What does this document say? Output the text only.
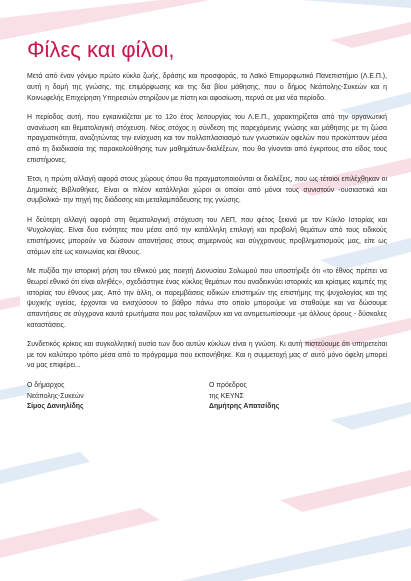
Φίλες και φίλοι,

Μετά από έναν γόνιμο πρώτο κύκλο ζωής, δράσης και προσφοράς, το Λαϊκό Επιμορφωτικό Πανεπιστήμιο (Λ.Ε.Π.), αυτή η δομή της γνώσης, της επιμόρφωσης και της δια βίου μάθησης, που ο δήμος Νεάπολης-Συκεών και η Κοινωφελής Επιχείρηση Υπηρεσιών στηρίζουν με πίστη και αφοσίωση, περνά σε μια νέα περίοδο.

Η περίοδος αυτή, που εγκαινιάζεται με το 12ο έτος λειτουργίας του Λ.Ε.Π., χαρακτηρίζεται από την οργανωτική ανανέωση και θεματολογική στόχευση. Νέος στόχος η σύνδεση της παρεχόμενης γνώσης και μάθησης με τη ζώσα πραγματικότητα, αναζητώντας την ενίσχυση και τον πολλαπλασιασμό των γνωστικών οφελών που προκύπτουν μέσα από τη διαδικασία της παρακολούθησης των μαθημάτων-διαλέξεων, που θα γίνονται από έγκριτους στο είδος τους επιστήμονες.

Έτσι, η πρώτη αλλαγή αφορά στους χώρους όπου θα πραγματοποιούνται οι διαλέξεις, που ως τέτοιοι επιλέχθηκαν οι Δημοτικές Βιβλιοθήκες. Είναι οι πλέον κατάλληλοι χώροι οι οποίοι από μόνοι τους συνιστούν -ουσιαστικά και συμβολικά- την πηγή της διάδοσης και μεταλαμπάδευσης της γνώσης.

Η δεύτερη αλλαγή αφορά στη θεματολογική στόχευση του ΛΕΠ, που φέτος ξεκινά με τον Κύκλο Ιστορίας και Ψυχολογίας. Είναι δυο ενότητες που μέσα από την κατάλληλη επιλογή και προβολή θεμάτων από τους ειδικούς επιστήμονες μπορούν να δώσουν απαντήσεις στους σημερινούς και σύγχρονους προβληματισμούς μας, είτε ως ατόμων είτε ως κοινωνίας και έθνους.

Με πυξίδα την ιστορική ρήση του εθνικού μας ποιητή Διονυσίου Σολωμού που υποστήριξε ότι «το έθνος πρέπει να θεωρεί εθνικό ότι είναι αληθές», σχεδιάστηκε ένας κύκλος θεμάτων που αναδεικνύει ιστορικές και κρίσιμες καμπές της ιστορίας του έθνους μας. Από την άλλη, οι παρεμβάσεις ειδικών επιστημών της επιστήμης της ψυχολογίας και της ψυχικής υγείας, έρχονται να ενισχύσουν το βάθρο πάνω στο οποίο μπορούμε να σταθούμε και να δώσουμε απαντήσεις σε σύγχρονα καυτά ερωτήματα που μας ταλανίζουν και να αντιμετωπίσουμε -με άλλους όρους - δύσκολες καταστάσεις.

Συνδετικός κρίκος και συγκολλητική ουσία των δυο αυτών κύκλων είναι η γνώση. Κι αυτή πιστεύουμε ότι υπηρετείται με τον καλύτερο τρόπο μέσα από το πρόγραμμα που εκπονήθηκε. Και η συμμετοχή μας σ' αυτό μόνο όφελη μπορεί να μας επιφέρει...

Ο δήμαρχος
Νεάπολης-Συκεών
Σίμος Δανιηλίδης
Ο πρόεδρος
της ΚΕΥΝΣ
Δημήτρης Απατσίδης
